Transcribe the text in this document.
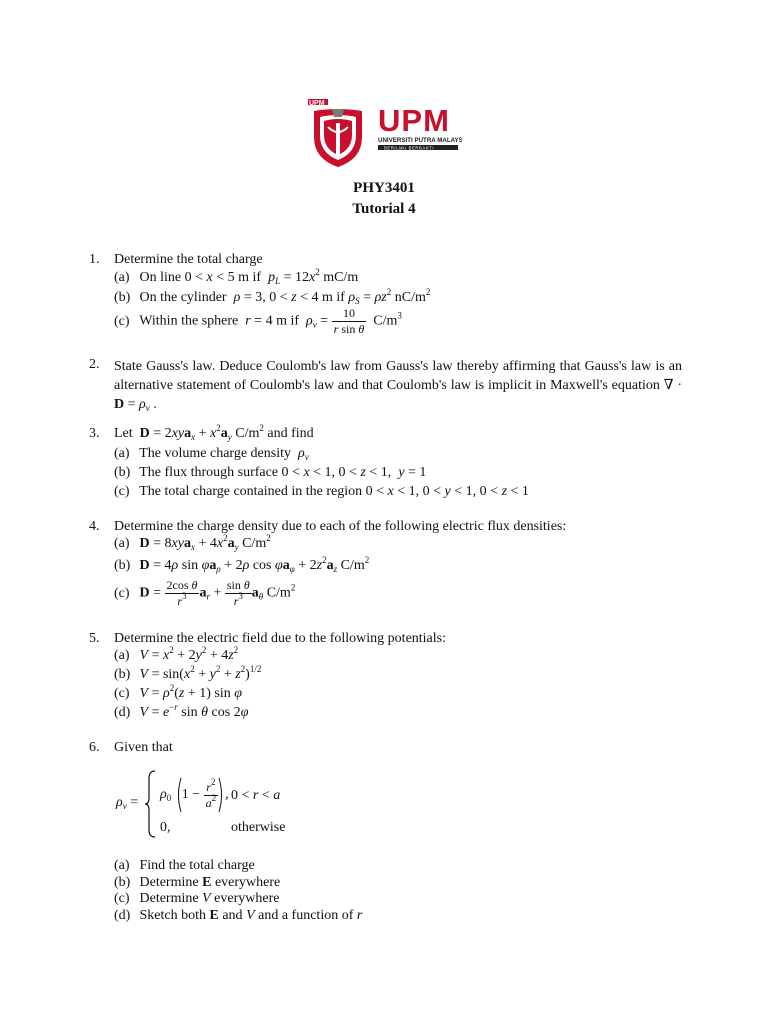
UPM UPM
UNIVERSITI PUTRA MALAYSIA
BERILMU BERBAKTI
PHY3401
Tutorial 4
1. Determine the total charge
(a) On line 0 < x < 5 m if  $p_L = 12x^2$ mC/m
(b) On the cylinder  ρ = 3, 0 < z < 4 m if $\rho_S = \rho z^2$ $nC/m^2$
(c) Within the sphere  r = 4 m if  $\rho_v = \frac{10}{\text{r sin θ}} C/m^3$
2. State Gauss's law. Deduce Coulomb's law from Gauss's law thereby affirming that Gauss's law is an alternative statement of Coulomb's law and that Coulomb's law is implicit in Maxwell's equation ∇ · $D = \rho_v$ .
3. Let  $D = 2xya_x + x^2a_y$ $C/m^2$ and find
(a) The volume charge density  $\rho_v$
(b) The flux through surface 0 < x < 1, 0 < z < 1,  y = 1
(c) The total charge contained in the region 0 < x < 1, 0 < y < 1, 0 < z < 1
4. Determine the charge density due to each of the following electric flux densities:
(a) $D = 8xya_x + 4x^2a_y$ $C/m^2$
(b) D = 4ρ $\sin \varphi a_\rho + 2\rho$ $\cos \varphi a_\varphi + 2z^2a_z$ $C/m^2$
(c) $D = \frac{\text{2cos θ}}{r^3} a_r + \frac{\text{sin θ}}{r^3} a_\theta$ $C/m^2$
5. Determine the electric field due to the following potentials:
(a) $V = x^2 + 2y^2 + 4z^2$
(b) $V = \sin(x^2 + y^2 + z^2)^{1/2}$
(c) $V = \rho^2(z + 1)$ sin φ
(d) $V = e^{-r}$ sin θ cos 2φ
6. Given that
$\rho_v$ =
$\rho_0$ $1 - \frac{r^2}{a^2}$ , 0 < r < a
0,	otherwise
(a) Find the total charge
(b) Determine E everywhere
(c) Determine V everywhere
(d) Sketch both E and V and a function of r
